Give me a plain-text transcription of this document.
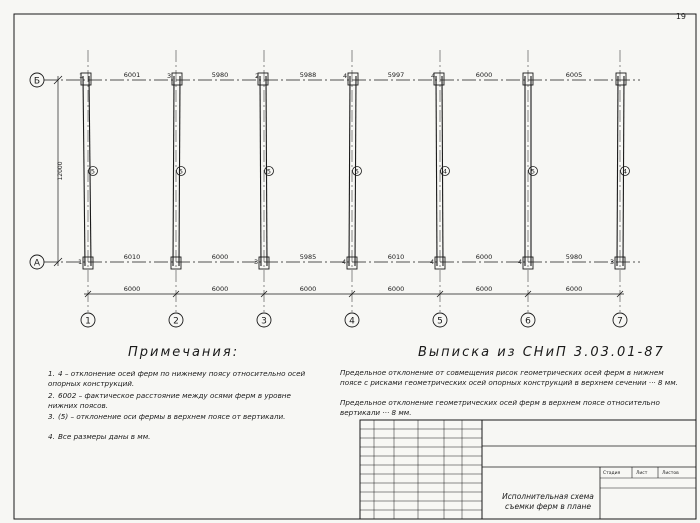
Б
А
12000
1
1
5
1
3
5
2
2
3
5
3
4
4
5
4
4
4
4
5
4
5
6
3
4
7
6001
6010
5980
6000
5988
5985
5997
6010
6000
6000
6005
5980
6000	6000	6000	6000	6000	6000
19
Примечания:	Выписка из СНиП 3.03.01-87
1. 4 – отклонение осей ферм по нижнему поясу относительно осей опорных конструкций.
2. 6002 – фактическое расстояние между осями ферм в уровне нижних поясов.
3. (5) – отклонение оси фермы в верхнем поясе от вертикали.
4. Все размеры даны в мм.
Предельное отклонение от совмещения рисок геометрических осей ферм в нижнем поясе с рисками геометрических осей опорных конструкций в верхнем сечении ··· 8 мм.
Предельное отклонение геометрических осей ферм в верхнем поясе относительно вертикали ··· 8 мм.
Стадия	Лист	Листов
Исполнительная схема съемки ферм в плане
